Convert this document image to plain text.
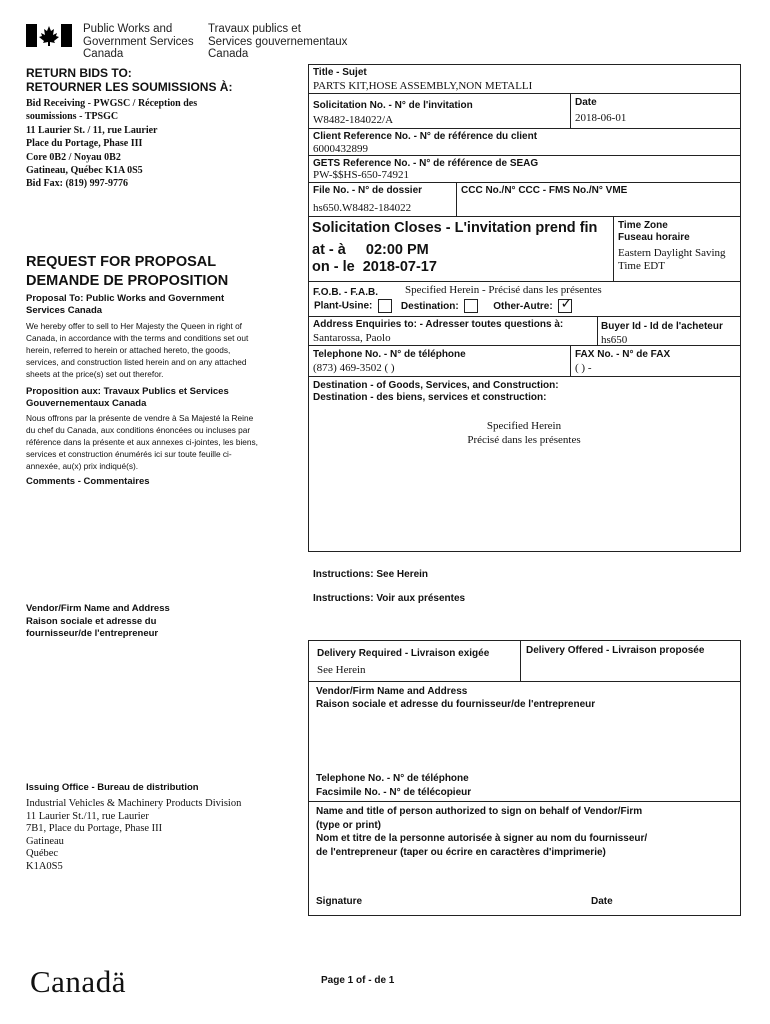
Public Works and
Government Services
Canada
Travaux publics et
Services gouvernementaux
Canada
RETURN BIDS TO:
RETOURNER LES SOUMISSIONS À:
Bid Receiving - PWGSC / Réception des
soumissions - TPSGC
11 Laurier St. / 11, rue Laurier
Place du Portage, Phase III
Core 0B2 / Noyau 0B2
Gatineau, Québec K1A 0S5
Bid Fax: (819) 997-9776
REQUEST FOR PROPOSAL
DEMANDE DE PROPOSITION
Proposal To: Public Works and Government Services Canada
We hereby offer to sell to Her Majesty the Queen in right of Canada, in accordance with the terms and conditions set out herein, referred to herein or attached hereto, the goods, services, and construction listed herein and on any attached sheets at the price(s) set out therefor.
Proposition aux: Travaux Publics et Services Gouvernementaux Canada
Nous offrons par la présente de vendre à Sa Majesté la Reine du chef du Canada, aux conditions énoncées ou incluses par référence dans la présente et aux annexes ci-jointes, les biens, services et construction énumérés ici sur toute feuille ci-annexée, au(x) prix indiqué(s).
Comments - Commentaires
Vendor/Firm Name and Address
Raison sociale et adresse du
fournisseur/de l'entrepreneur
Issuing Office - Bureau de distribution
Industrial Vehicles & Machinery Products Division
11 Laurier St./11, rue Laurier
7B1, Place du Portage, Phase III
Gatineau
Québec
K1A0S5
Canadä
Title - Sujet
PARTS KIT,HOSE ASSEMBLY,NON METALLI
Solicitation No. - N° de l'invitation
W8482-184022/A
Date
2018-06-01
Client Reference No. - N° de référence du client
6000432899
GETS Reference No. - N° de référence de SEAG
PW-$$HS-650-74921
File No. - N° de dossier
hs650.W8482-184022
CCC No./N° CCC - FMS No./N° VME
Solicitation Closes - L'invitation prend fin
at - à 02:00 PM
on - le 2018-07-17
Time Zone
Fuseau horaire
Eastern Daylight Saving
Time EDT
F.O.B. - F.A.B. Specified Herein - Précisé dans les présentes
Plant-Usine:	Destination:	Other-Autre: ✓
Address Enquiries to: - Adresser toutes questions à:
Santarossa, Paolo
Buyer Id - Id de l'acheteur
hs650
Telephone No. - N° de téléphone
(873) 469-3502 ( )
FAX No. - N° de FAX
( ) -
Destination - of Goods, Services, and Construction:
Destination - des biens, services et construction:
Specified Herein
Précisé dans les présentes
Instructions: See Herein
Instructions: Voir aux présentes
Delivery Required - Livraison exigée
See Herein
Delivery Offered - Livraison proposée
Vendor/Firm Name and Address
Raison sociale et adresse du fournisseur/de l'entrepreneur
Telephone No. - N° de téléphone
Facsimile No. - N° de télécopieur
Name and title of person authorized to sign on behalf of Vendor/Firm
(type or print)
Nom et titre de la personne autorisée à signer au nom du fournisseur/
de l'entrepreneur (taper ou écrire en caractères d'imprimerie)
Signature	Date
Page 1 of - de 1
